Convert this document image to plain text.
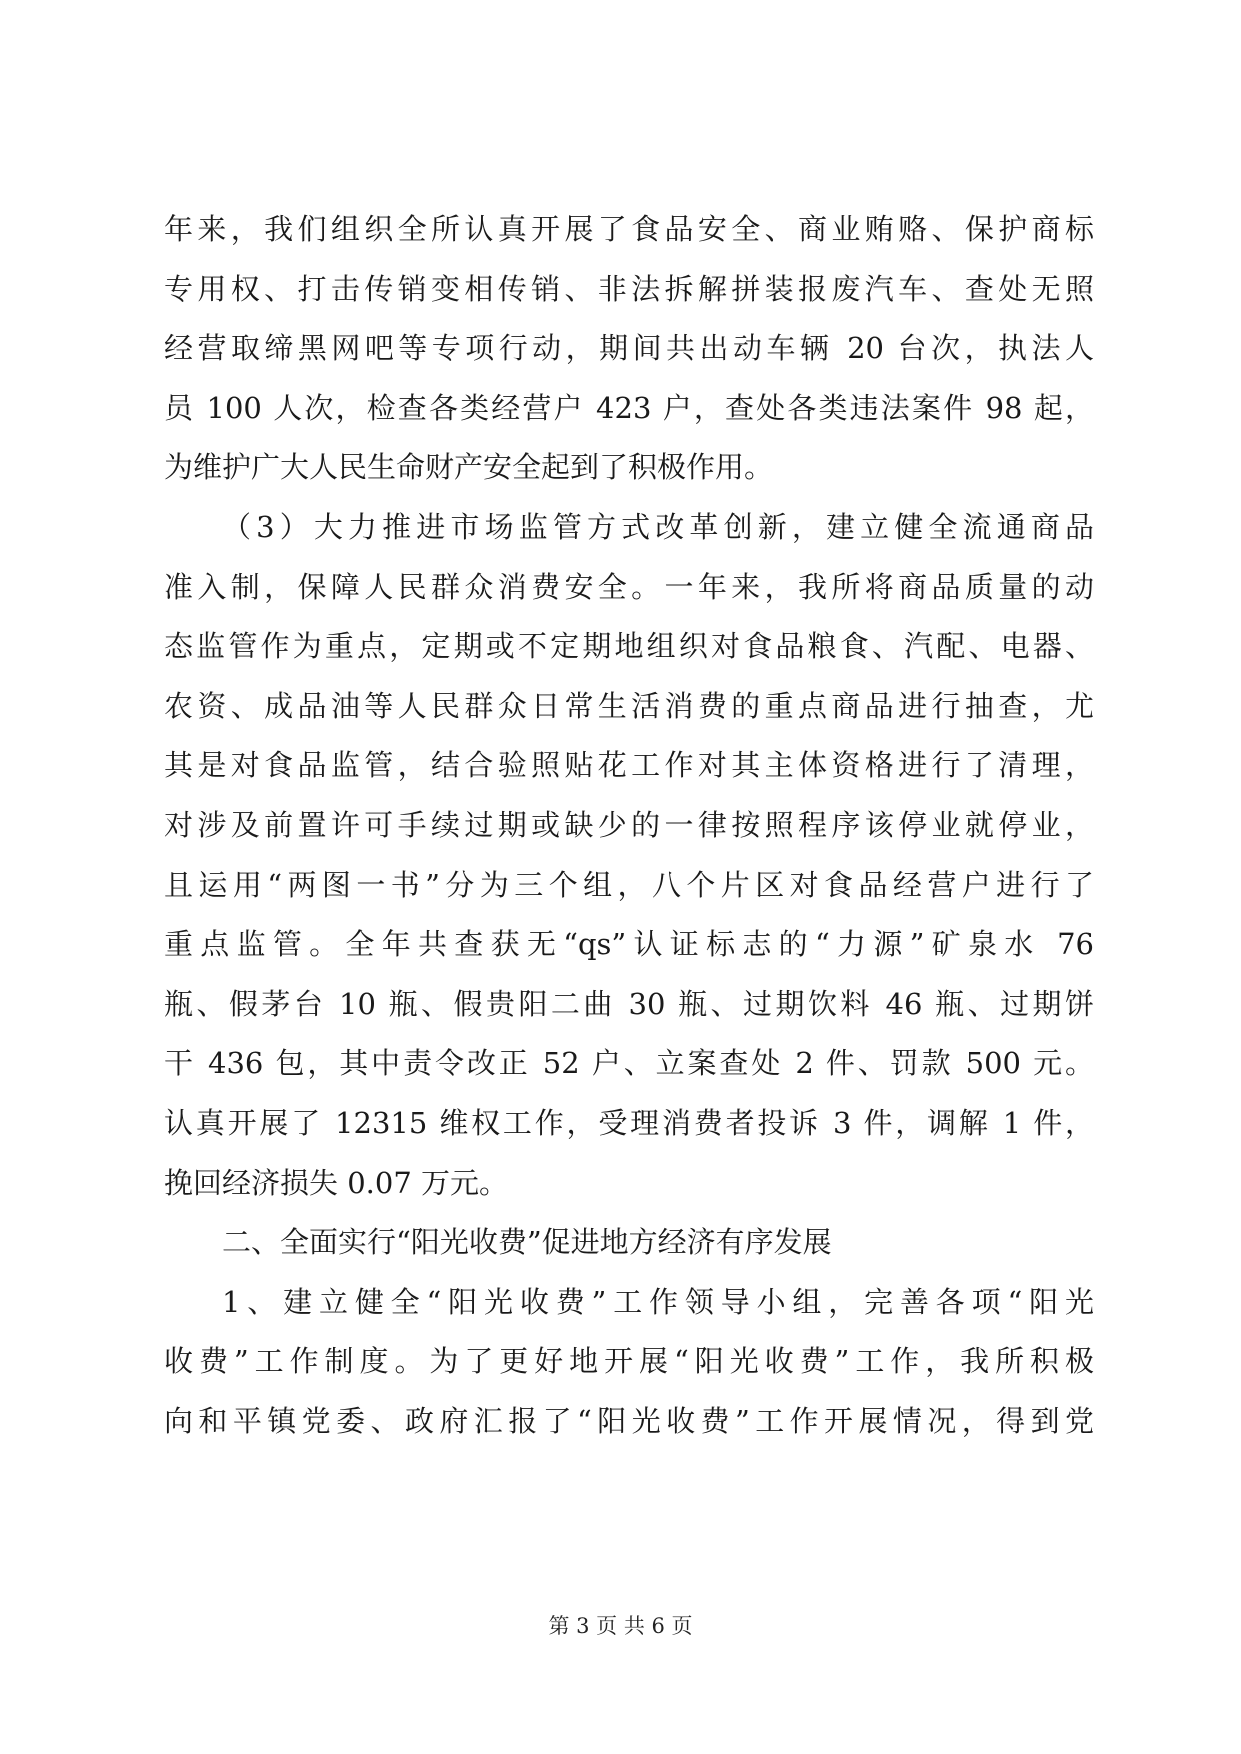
年来，我们组织全所认真开展了食品安全、商业贿赂、保护商标
专用权、打击传销变相传销、非法拆解拼装报废汽车、查处无照
经营取缔黑网吧等专项行动，期间共出动车辆 20 台次，执法人
员 100 人次，检查各类经营户 423 户，查处各类违法案件 98 起，
为维护广大人民生命财产安全起到了积极作用。
（3）大力推进市场监管方式改革创新，建立健全流通商品
准入制，保障人民群众消费安全。一年来，我所将商品质量的动
态监管作为重点，定期或不定期地组织对食品粮食、汽配、电器、
农资、成品油等人民群众日常生活消费的重点商品进行抽查，尤
其是对食品监管，结合验照贴花工作对其主体资格进行了清理，
对涉及前置许可手续过期或缺少的一律按照程序该停业就停业，
且运用“两图一书”分为三个组，八个片区对食品经营户进行了
重点监管。全年共查获无“qs”认证标志的“力源”矿泉水 76
瓶、假茅台 10 瓶、假贵阳二曲 30 瓶、过期饮料 46 瓶、过期饼
干 436 包，其中责令改正 52 户、立案查处 2 件、罚款 500 元。
认真开展了 12315 维权工作，受理消费者投诉 3 件，调解 1 件，
挽回经济损失 0.07 万元。
二、全面实行“阳光收费”促进地方经济有序发展
1、建立健全“阳光收费”工作领导小组，完善各项“阳光
收费”工作制度。为了更好地开展“阳光收费”工作，我所积极
向和平镇党委、政府汇报了“阳光收费”工作开展情况，得到党
第 3 页 共 6 页
